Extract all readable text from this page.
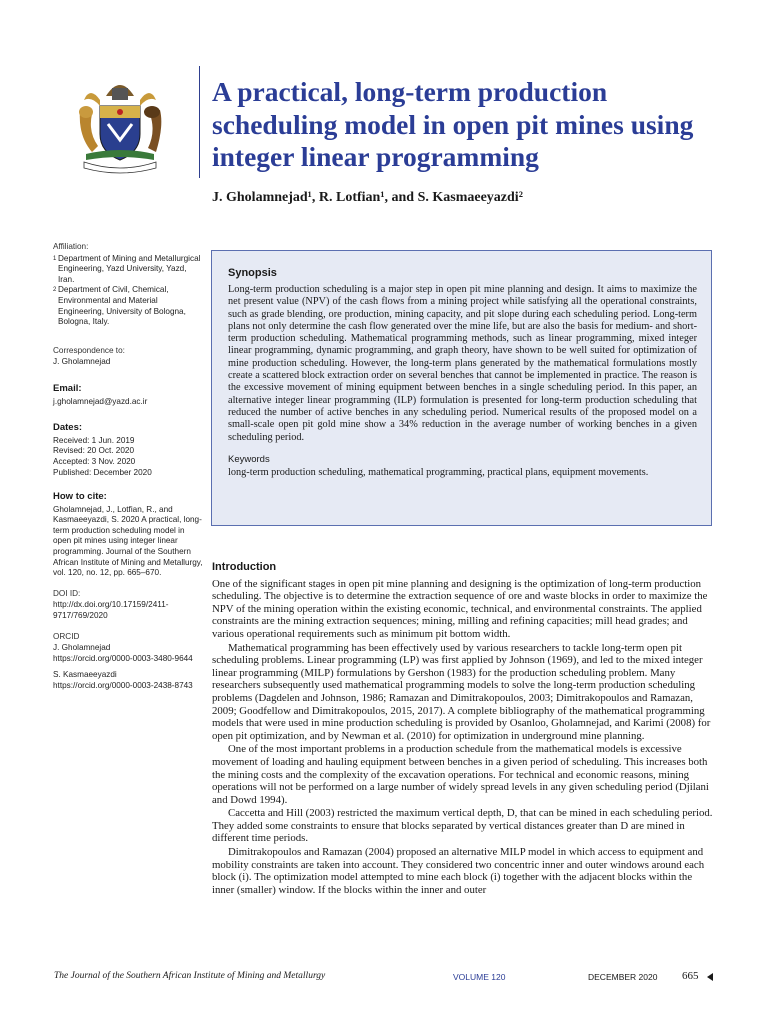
A practical, long-term production scheduling model in open pit mines using integer linear programming
J. Gholamnejad¹, R. Lotfian¹, and S. Kasmaeeyazdi²
Affiliation:
1 Department of Mining and Metallurgical Engineering, Yazd University, Yazd, Iran.
2 Department of Civil, Chemical, Environmental and Material Engineering, University of Bologna, Bologna, Italy.
Correspondence to:
J. Gholamnejad
Email:
j.gholamnejad@yazd.ac.ir
Dates:
Received: 1 Jun. 2019
Revised: 20 Oct. 2020
Accepted: 3 Nov. 2020
Published: December 2020
How to cite:
Gholamnejad, J., Lotfian, R., and Kasmaeeyazdi, S. 2020 A practical, long-term production scheduling model in open pit mines using integer linear programming. Journal of the Southern African Institute of Mining and Metallurgy, vol. 120, no. 12, pp. 665–670.
DOI ID:
http://dx.doi.org/10.17159/2411-9717/769/2020
ORCID
J. Gholamnejad
https://orcid.org/0000-0003-3480-9644
S. Kasmaeeyazdi
https://orcid.org/0000-0003-2438-8743
Synopsis

Long-term production scheduling is a major step in open pit mine planning and design. It aims to maximize the net present value (NPV) of the cash flows from a mining project while satisfying all the operational constraints, such as grade blending, ore production, mining capacity, and pit slope during each scheduling period. Long-term plans not only determine the cash flow generated over the mine life, but are also the basis for medium- and short-term production scheduling. Mathematical programming methods, such as linear programming, mixed integer linear programming, dynamic programming, and graph theory, have shown to be well suited for optimization of mine production scheduling. However, the long-term plans generated by the mathematical formulations mostly create a scattered block extraction order on several benches that cannot be implemented in practice. The reason is the excessive movement of mining equipment between benches in a single scheduling period. In this paper, an alternative integer linear programming (ILP) formulation is presented for long-term production scheduling that reduced the number of active benches in any scheduling period. Numerical results of the proposed model on a small-scale open pit gold mine show a 34% reduction in the average number of working benches in a given scheduling period.

Keywords

long-term production scheduling, mathematical programming, practical plans, equipment movements.

Introduction

One of the significant stages in open pit mine planning and designing is the optimization of long-term production scheduling. The objective is to determine the extraction sequence of ore and waste blocks in order to maximize the NPV of the mining operation within the existing economic, technical, and environmental constraints. The applied constraints are the mining extraction sequences; mining, milling and refining capacities; mill head grades; and various operational requirements such as minimum pit bottom width.

Mathematical programming has been effectively used by various researchers to tackle long-term open pit scheduling problems. Linear programming (LP) was first applied by Johnson (1969), and led to the mixed integer linear programming (MILP) formulations by Gershon (1983) for the production scheduling problem. Many researchers subsequently used mathematical programming models to solve the long-term production scheduling problems (Dagdelen and Johnson, 1986; Ramazan and Dimitrakopoulos, 2003; Dimitrakopoulos and Ramazan, 2009; Goodfellow and Dimitrakopoulos, 2015, 2017). A complete bibliography of the mathematical programming models that were used in mine production scheduling is provided by Osanloo, Gholamnejad, and Karimi (2008) for open pit optimization, and by Newman et al. (2010) for optimization in underground mine planning.

One of the most important problems in a production schedule from the mathematical models is excessive movement of loading and hauling equipment between benches in a given period of scheduling. This increases both the mining costs and the complexity of the excavation operations. For technical and economic reasons, mining operations will not be performed on a large number of widely spread levels in any given scheduling period (Djilani and Dowd 1994).

Caccetta and Hill (2003) restricted the maximum vertical depth, D, that can be mined in each scheduling period. They added some constraints to ensure that blocks separated by vertical distances greater than D are mined in different time periods.

Dimitrakopoulos and Ramazan (2004) proposed an alternative MILP model in which access to equipment and mobility constraints are taken into account. They considered two concentric inner and outer windows around each block (i). The optimization model attempted to mine each block (i) together with the adjacent blocks within the inner (smaller) window. If the blocks within the inner and outer

The Journal of the Southern African Institute of Mining and Metallurgy	VOLUME 120	DECEMBER 2020 665
